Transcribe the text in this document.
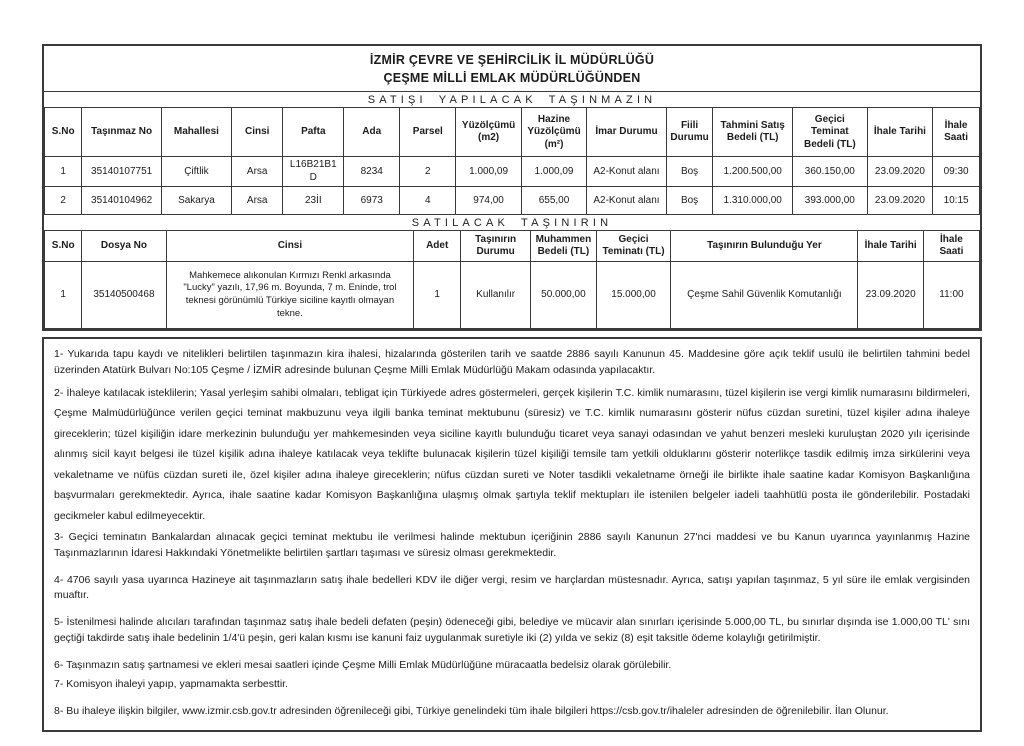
İZMİR ÇEVRE VE ŞEHİRCİLİK İL MÜDÜRLÜĞÜ
ÇEŞME MİLLİ EMLAK MÜDÜRLÜĞÜNDEN
SATIŞI YAPILACAK TAŞINMAZIN
S.No	Taşınmaz No	Mahallesi	Cinsi	Pafta	Ada	Parsel	Yüzölçümü (m2)	Hazine Yüzölçümü (m²)	İmar Durumu	Fiili Durumu	Tahmini Satış Bedeli (TL)	Geçici Teminat Bedeli (TL)	İhale Tarihi	İhale Saati
1	35140107751	Çiftlik	Arsa	L16B21B1D	8234	2	1.000,09	1.000,09	A2-Konut alanı	Boş	1.200.500,00	360.150,00	23.09.2020	09:30
2	35140104962	Sakarya	Arsa	23İI	6973	4	974,00	655,00	A2-Konut alanı	Boş	1.310.000,00	393.000,00	23.09.2020	10:15
SATILACAK TAŞINIRIN
S.No	Dosya No	Cinsi	Adet	Taşınırın Durumu	Muhammen Bedeli (TL)	Geçici Teminatı (TL)	Taşınırın Bulunduğu Yer	İhale Tarihi	İhale Saati
1	35140500468	Mahkemece alıkonulan Kırmızı Renkl arkasında "Lucky" yazılı, 17,96 m. Boyunda, 7 m. Eninde, trol teknesi görünümlü Türkiye siciline kayıtlı olmayan tekne.	1	Kullanılır	50.000,00	15.000,00	Çeşme Sahil Güvenlik Komutanlığı	23.09.2020	11:00

1- Yukarıda tapu kaydı ve nitelikleri belirtilen taşınmazın kira ihalesi, hizalarında gösterilen tarih ve saatde 2886 sayılı Kanunun 45. Maddesine göre açık teklif usulü ile belirtilen tahmini bedel üzerinden Atatürk Bulvarı No:105 Çeşme / İZMİR adresinde bulunan Çeşme Milli Emlak Müdürlüğü Makam odasında yapılacaktır.

2- İhaleye katılacak isteklilerin; Yasal yerleşim sahibi olmaları, tebligat için Türkiyede adres göstermeleri, gerçek kişilerin T.C. kimlik numarasını, tüzel kişilerin ise vergi kimlik numarasını bildirmeleri, Çeşme Malmüdürlüğünce verilen geçici teminat makbuzunu veya ilgili banka teminat mektubunu (süresiz) ve T.C. kimlik numarasını gösterir nüfus cüzdan suretini, tüzel kişiler adına ihaleye gireceklerin; tüzel kişiliğin idare merkezinin bulunduğu yer mahkemesinden veya siciline kayıtlı bulunduğu ticaret veya sanayi odasından ve yahut benzeri mesleki kuruluştan 2020 yılı içerisinde alınmış sicil kayıt belgesi ile tüzel kişilik adına ihaleye katılacak veya teklifte bulunacak kişilerin tüzel kişiliği temsile tam yetkili olduklarını gösterir noterlikçe tasdik edilmiş imza sirkülerini veya vekaletname ve nüfüs cüzdan sureti ile, özel kişiler adına ihaleye gireceklerin; nüfus cüzdan sureti ve Noter tasdikli vekaletname örneği ile birlikte ihale saatine kadar Komisyon Başkanlığına başvurmaları gerekmektedir. Ayrıca, ihale saatine kadar Komisyon Başkanlığına ulaşmış olmak şartıyla teklif mektupları ile istenilen belgeler iadeli taahhütlü posta ile gönderilebilir. Postadaki gecikmeler kabul edilmeyecektir.

3- Geçici teminatın Bankalardan alınacak geçici teminat mektubu ile verilmesi halinde mektubun içeriğinin 2886 sayılı Kanunun 27'nci maddesi ve bu Kanun uyarınca yayınlanmış Hazine Taşınmazlarının İdaresi Hakkındaki Yönetmelikte belirtilen şartları taşıması ve süresiz olması gerekmektedir.

4- 4706 sayılı yasa uyarınca Hazineye ait taşınmazların satış ihale bedelleri KDV ile diğer vergi, resim ve harçlardan müstesnadır. Ayrıca, satışı yapılan taşınmaz, 5 yıl süre ile emlak vergisinden muaftır.

5- İstenilmesi halinde alıcıları tarafından taşınmaz satış ihale bedeli defaten (peşin) ödeneceği gibi, belediye ve mücavir alan sınırları içerisinde 5.000,00 TL, bu sınırlar dışında ise 1.000,00 TL' sını geçtiği takdirde satış ihale bedelinin 1/4'ü peşin, geri kalan kısmı ise kanuni faiz uygulanmak suretiyle iki (2) yılda ve sekiz (8) eşit taksitle ödeme kolaylığı getirilmiştir.

6- Taşınmazın satış şartnamesi ve ekleri mesai saatleri içinde Çeşme Milli Emlak Müdürlüğüne müracaatla bedelsiz olarak görülebilir.

7- Komisyon ihaleyi yapıp, yapmamakta serbesttir.

8- Bu ihaleye ilişkin bilgiler, www.izmir.csb.gov.tr adresinden öğrenileceği gibi, Türkiye genelindeki tüm ihale bilgileri https://csb.gov.tr/ihaleler adresinden de öğrenilebilir. İlan Olunur.
